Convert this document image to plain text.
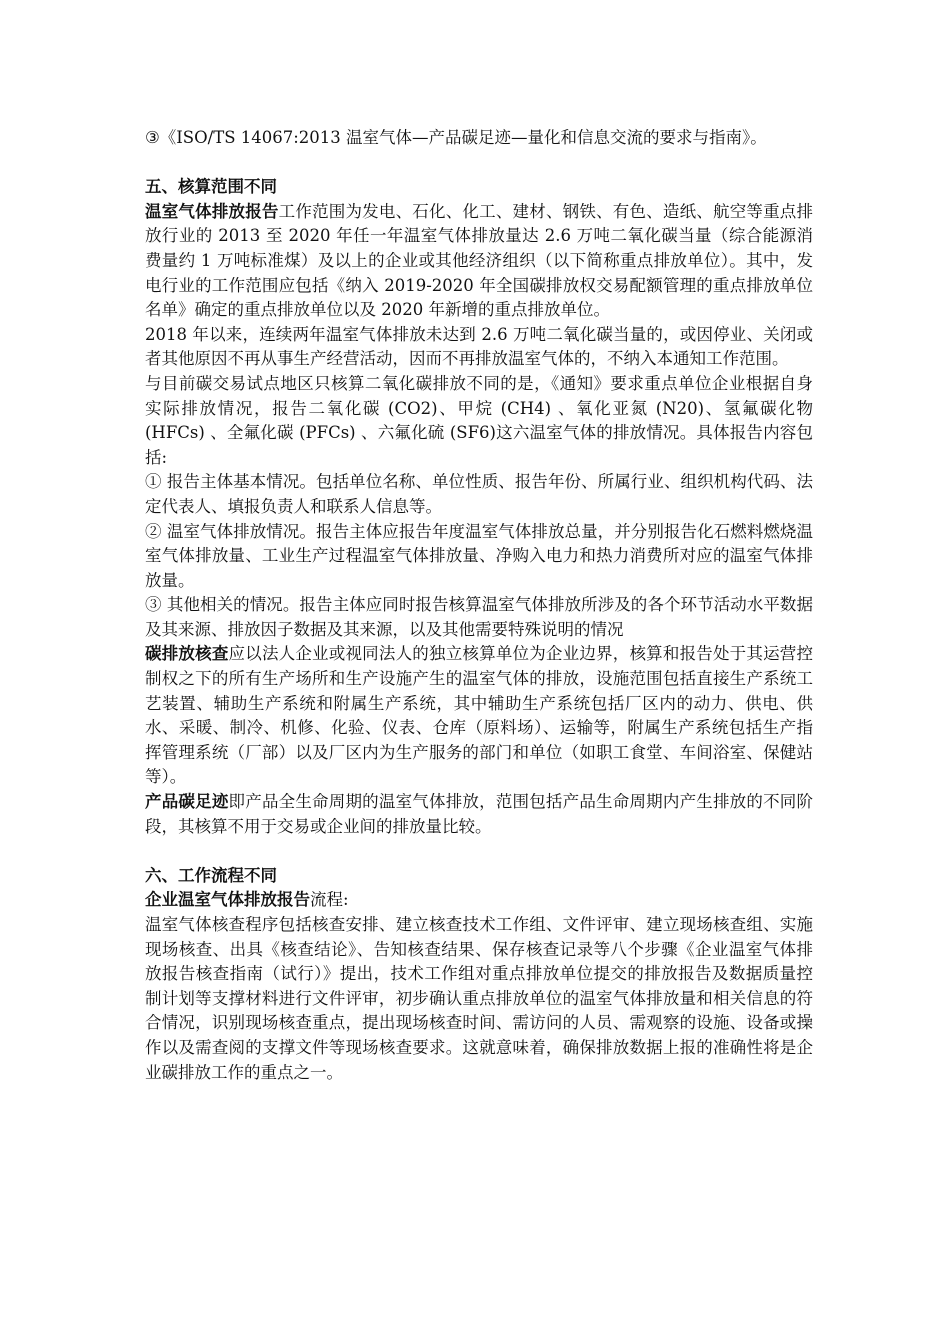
③《ISO/TS 14067:2013 温室气体—产品碳足迹—量化和信息交流的要求与指南》。

五、核算范围不同

温室气体排放报告工作范围为发电、石化、化工、建材、钢铁、有色、造纸、航空等重点排放行业的 2013 至 2020 年任一年温室气体排放量达 2.6 万吨二氧化碳当量（综合能源消费量约 1 万吨标准煤）及以上的企业或其他经济组织（以下简称重点排放单位）。其中，发电行业的工作范围应包括《纳入 2019-2020 年全国碳排放权交易配额管理的重点排放单位名单》确定的重点排放单位以及 2020 年新增的重点排放单位。

2018 年以来，连续两年温室气体排放未达到 2.6 万吨二氧化碳当量的，或因停业、关闭或者其他原因不再从事生产经营活动，因而不再排放温室气体的，不纳入本通知工作范围。

与目前碳交易试点地区只核算二氧化碳排放不同的是，《通知》要求重点单位企业根据自身实际排放情况，报告二氧化碳 (CO2)、甲烷 (CH4) 、氧化亚氮 (N20)、氢氟碳化物 (HFCs) 、全氟化碳 (PFCs) 、六氟化硫 (SF6)这六温室气体的排放情况。具体报告内容包括:

① 报告主体基本情况。包括单位名称、单位性质、报告年份、所属行业、组织机构代码、法定代表人、填报负责人和联系人信息等。

② 温室气体排放情况。报告主体应报告年度温室气体排放总量，并分别报告化石燃料燃烧温室气体排放量、工业生产过程温室气体排放量、净购入电力和热力消费所对应的温室气体排放量。

③ 其他相关的情况。报告主体应同时报告核算温室气体排放所涉及的各个环节活动水平数据及其来源、排放因子数据及其来源，以及其他需要特殊说明的情况

碳排放核查应以法人企业或视同法人的独立核算单位为企业边界，核算和报告处于其运营控制权之下的所有生产场所和生产设施产生的温室气体的排放，设施范围包括直接生产系统工艺装置、辅助生产系统和附属生产系统，其中辅助生产系统包括厂区内的动力、供电、供水、采暖、制冷、机修、化验、仪表、仓库（原料场）、运输等，附属生产系统包括生产指挥管理系统（厂部）以及厂区内为生产服务的部门和单位（如职工食堂、车间浴室、保健站等）。

产品碳足迹即产品全生命周期的温室气体排放，范围包括产品生命周期内产生排放的不同阶段，其核算不用于交易或企业间的排放量比较。

六、工作流程不同

企业温室气体排放报告流程:

温室气体核查程序包括核查安排、建立核查技术工作组、文件评审、建立现场核查组、实施现场核查、出具《核查结论》、告知核查结果、保存核查记录等八个步骤《企业温室气体排放报告核查指南（试行）》提出，技术工作组对重点排放单位提交的排放报告及数据质量控制计划等支撑材料进行文件评审，初步确认重点排放单位的温室气体排放量和相关信息的符合情况，识别现场核查重点，提出现场核查时间、需访问的人员、需观察的设施、设备或操作以及需查阅的支撑文件等现场核查要求。这就意味着，确保排放数据上报的准确性将是企业碳排放工作的重点之一。
